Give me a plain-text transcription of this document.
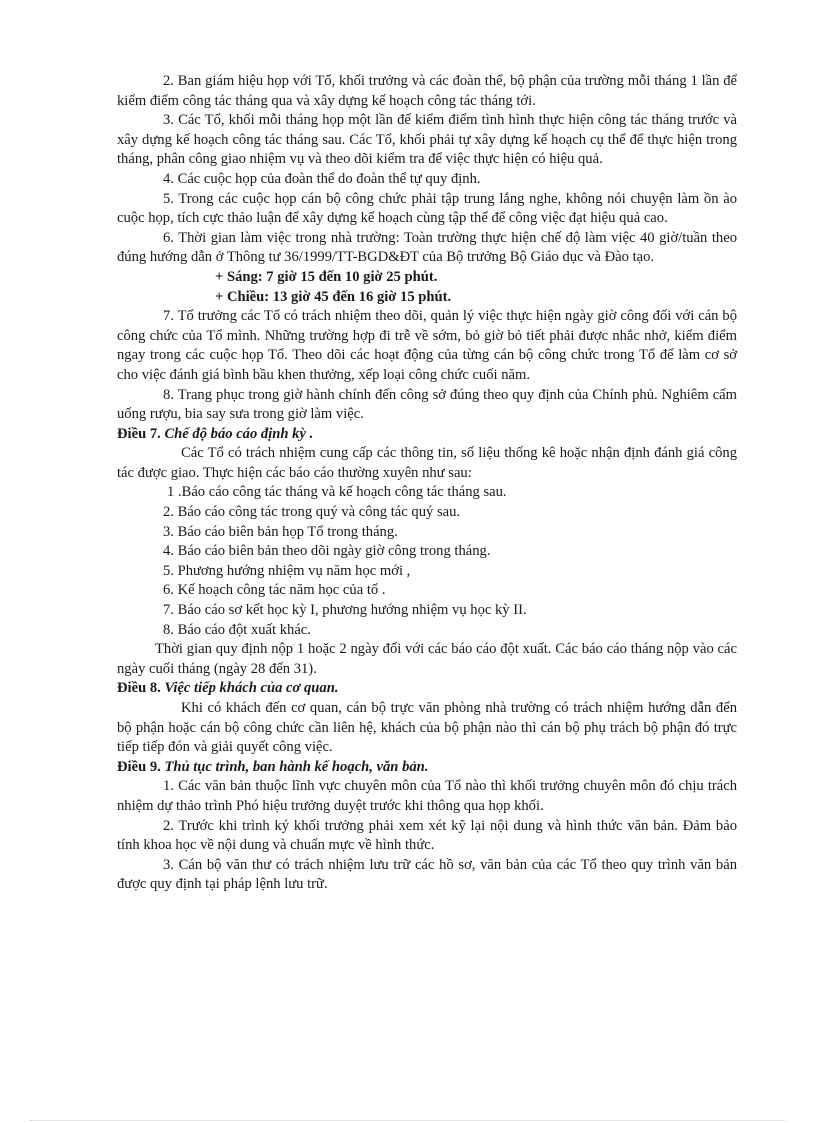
2. Ban giám hiệu họp với Tổ, khối trưởng và các đoàn thể, bộ phận của trường mỗi tháng 1 lần để kiểm điểm công tác tháng qua và xây dựng kế hoạch công tác tháng tới.

3. Các Tổ, khối mỗi tháng họp một lần để kiểm điểm tình hình thực hiện công tác tháng trước và xây dựng kế hoạch công tác tháng sau. Các Tổ, khối phải tự xây dựng kế hoạch cụ thể để thực hiện trong tháng, phân công giao nhiệm vụ và theo dõi kiểm tra để việc thực hiện có hiệu quả.

4. Các cuộc họp của đoàn thể do đoàn thể tự quy định.

5. Trong các cuộc họp cán bộ công chức phải tập trung lắng nghe, không nói chuyện làm ồn ào cuộc họp, tích cực thảo luận để xây dựng kế hoạch cùng tập thể để công việc đạt hiệu quả cao.

6. Thời gian làm việc trong nhà trường: Toàn trường thực hiện chế độ làm việc 40 giờ/tuần theo đúng hướng dẫn ở Thông tư 36/1999/TT-BGD&ĐT của Bộ trưởng Bộ Giáo dục và Đào tạo.

+ Sáng: 7 giờ 15 đến 10 giờ 25 phút.

+ Chiều: 13 giờ 45 đến 16 giờ 15 phút.

7. Tổ trưởng các Tổ có trách nhiệm theo dõi, quản lý việc thực hiện ngày giờ công đối với cán bộ công chức của Tổ mình. Những trường hợp đi trễ về sớm, bỏ giờ bỏ tiết phải được nhắc nhở, kiểm điểm ngay trong các cuộc họp Tổ. Theo dõi các hoạt động của từng cán bộ công chức trong Tổ để làm cơ sở cho việc đánh giá bình bầu khen thưởng, xếp loại công chức cuối năm.

8. Trang phục trong giờ hành chính đến công sở đúng theo quy định của Chính phủ. Nghiêm cấm uống rượu, bia say sưa trong giờ làm việc.

Điều 7. Chế độ báo cáo định kỳ .

Các Tổ có trách nhiệm cung cấp các thông tin, số liệu thống kê hoặc nhận định đánh giá công tác được giao. Thực hiện các báo cáo thường xuyên như sau:

1 .Báo cáo công tác tháng và kế hoạch công tác tháng sau.

2. Báo cáo công tác trong quý và công tác quý sau.

3. Báo cáo biên bản họp Tổ trong tháng.

4. Báo cáo biên bản theo dõi ngày giờ công trong tháng.

5. Phương hướng nhiệm vụ năm học mới ,

6. Kế hoạch công tác năm học của tổ .

7. Báo cáo sơ kết học kỳ I, phương hướng nhiệm vụ học kỳ II.

8. Báo cáo đột xuất khác.

Thời gian quy định nộp 1 hoặc 2 ngày đối với các báo cáo đột xuất. Các báo cáo tháng nộp vào các ngày cuối tháng (ngày 28 đến 31).

Điều 8. Việc tiếp khách của cơ quan.

Khi có khách đến cơ quan, cán bộ trực văn phòng nhà trường có trách nhiệm hướng dẫn đến bộ phận hoặc cán bộ công chức cần liên hệ, khách của bộ phận nào thì cán bộ phụ trách bộ phận đó trực tiếp tiếp đón và giải quyết công việc.

Điều 9. Thủ tục trình, ban hành kế hoạch, văn bản.

1. Các văn bản thuộc lĩnh vực chuyên môn của Tổ nào thì khối trưởng chuyên môn đó chịu trách nhiệm dự thảo trình Phó hiệu trưởng duyệt trước khi thông qua họp khối.

2. Trước khi trình ký khối trưởng phải xem xét kỹ lại nội dung và hình thức văn bản. Đảm bảo tính khoa học về nội dung và chuẩn mực về hình thức.

3. Cán bộ văn thư có trách nhiệm lưu trữ các hồ sơ, văn bản của các Tổ theo quy trình văn bản được quy định tại pháp lệnh lưu trữ.
